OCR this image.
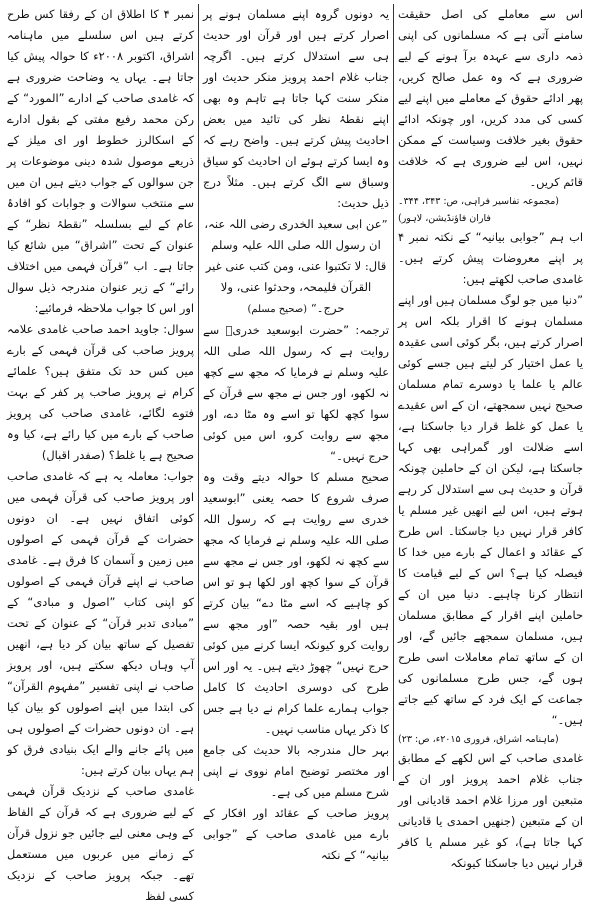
اس سے معاملے کی اصل حقیقت سامنے آتی ہے کہ مسلمانوں کی اپنی ذمہ داری سے عہدہ برآ ہونے کے لیے ضروری ہے کہ وہ عمل صالح کریں، پھر ادائے حقوق کے معاملے میں اپنے لیے کسی کی مدد کریں، اور چونکہ ادائے حقوق بغیر خلافت وسیاست کے ممکن نہیں، اس لیے ضروری ہے کہ خلافت قائم کریں۔

(مجموعہ تفاسیر فراہی، ص: ۳۴۳، ۳۴۴۔ فاران فاؤنڈیشن، لاہور)

اب ہم ”جوابی بیانیہ“ کے نکتہ نمبر ۴ پر اپنے معروضات پیش کرتے ہیں۔ غامدی صاحب لکھتے ہیں:

”دنیا میں جو لوگ مسلمان ہیں اور اپنے مسلمان ہونے کا اقرار بلکہ اس پر اصرار کرتے ہیں، بگر کوئی اسی عقیدہ یا عمل اختیار کر لیتے ہیں جسے کوئی عالم یا علما یا دوسرے تمام مسلمان صحیح نہیں سمجھتے، ان کے اس عقیدے یا عمل کو غلط قرار دیا جاسکتا ہے، اسے ضلالت اور گمراہی بھی کہا جاسکتا ہے، لیکن ان کے حاملین چونکہ قرآن و حدیث ہی سے استدلال کر رہے ہوتے ہیں، اس لیے انھیں غیر مسلم یا کافر قرار نہیں دیا جاسکتا۔ اس طرح کے عقائد و اعمال کے بارے میں خدا کا فیصلہ کیا ہے؟ اس کے لیے قیامت کا انتظار کرنا چاہیے۔ دنیا میں ان کے حاملین اپنے اقرار کے مطابق مسلمان ہیں، مسلمان سمجھے جائیں گے، اور ان کے ساتھ تمام معاملات اسی طرح ہوں گے، جس طرح مسلمانوں کی جماعت کے ایک فرد کے ساتھ کیے جاتے ہیں۔“

(ماہنامہ اشراق، فروری ۲۰۱۵ء، ص: ۲۳)

غامدی صاحب کے اس لکھے کے مطابق جناب غلام احمد پرویز اور ان کے متبعین اور مرزا غلام احمد قادیانی اور ان کے متبعین (جنھیں احمدی یا قادیانی کہا جاتا ہے)، کو غیر مسلم یا کافر قرار نہیں دیا جاسکتا کیونکہ

یہ دونوں گروہ اپنے مسلمان ہونے پر اصرار کرتے ہیں اور قرآن اور حدیث ہی سے استدلال کرتے ہیں۔ اگرچہ جناب غلام احمد پرویز منکر حدیث اور منکر سنت کہا جاتا ہے تاہم وہ بھی اپنے نقطۂ نظر کی تائید میں بعض احادیث پیش کرتے ہیں۔ واضح رہے کہ وہ ایسا کرتے ہوئے ان احادیث کو سیاق وسباق سے الگ کرتے ہیں۔ مثلاً درج ذیل حدیث:

”عن ابی سعید الخدری رضی اللہ عنہ، ان رسول اللہ صلی اللہ علیہ وسلم قال: لا تکتبوا عنی، ومن کتب عنی غیر القرآن فلیمحہ، وحدثوا عنی، ولا حرج۔“ (صحیح مسلم)

ترجمہ: ”حضرت ابوسعید خدریؓ سے روایت ہے کہ رسول اللہ صلی اللہ علیہ وسلم نے فرمایا کہ مجھ سے کچھ نہ لکھو، اور جس نے مجھ سے قرآن کے سوا کچھ لکھا تو اسے وہ مٹا دے، اور مجھ سے روایت کرو، اس میں کوئی حرج نہیں۔“

صحیح مسلم کا حوالہ دیتے وقت وہ صرف شروع کا حصہ یعنی ”ابوسعید خدری سے روایت ہے کہ رسول اللہ صلی اللہ علیہ وسلم نے فرمایا کہ مجھ سے کچھ نہ لکھو، اور جس نے مجھ سے قرآن کے سوا کچھ اور لکھا ہو تو اس کو چاہیے کہ اسے مٹا دے“ بیان کرتے ہیں اور بقیہ حصہ ”اور مجھ سے روایت کرو کیونکہ ایسا کرنے میں کوئی حرج نہیں“ چھوڑ دیتے ہیں۔ یہ اور اس طرح کی دوسری احادیث کا کامل جواب ہمارے علما کرام نے دیا ہے جس کا ذکر یہاں مناسب نہیں۔

بہر حال مندرجہ بالا حدیث کی جامع اور مختصر توضیح امام نووی نے اپنی شرح مسلم میں کی ہے۔

پرویز صاحب کے عقائد اور افکار کے بارے میں غامدی صاحب کے ”جوابی بیانیہ“ کے نکتہ

نمبر ۴ کا اطلاق ان کے رفقا کس طرح کرتے ہیں اس سلسلے میں ماہنامہ اشراق، اکتوبر ۲۰۰۸ء کا حوالہ پیش کیا جاتا ہے۔ یہاں یہ وضاحت ضروری ہے کہ غامدی صاحب کے ادارے ”المورد“ کے رکن محمد رفیع مفتی کے بقول ادارے کے اسکالرز خطوط اور ای میلز کے ذریعے موصول شدہ دینی موضوعات پر جن سوالوں کے جواب دیتے ہیں ان میں سے منتخب سوالات و جوابات کو افادۂ عام کے لیے بسلسلہ ”نقطۂ نظر“ کے عنوان کے تحت ”اشراق“ میں شائع کیا جاتا ہے۔ اب ”قرآن فہمی میں اختلاف رائے“ کے زیر عنوان مندرجہ ذیل سوال اور اس کا جواب ملاحظہ فرمائیے:

سوال: جاوید احمد صاحب غامدی علامہ پرویز صاحب کی قرآن فہمی کے بارے میں کس حد تک متفق ہیں؟ علمائے کرام نے پرویز صاحب پر کفر کے بہت فتوے لگائے، غامدی صاحب کی پرویز صاحب کے بارے میں کیا رائے ہے، کیا وہ صحیح ہے یا غلط؟ (صفدر اقبال)

جواب: معاملہ یہ ہے کہ غامدی صاحب اور پرویز صاحب کی قرآن فہمی میں کوئی اتفاق نہیں ہے۔ ان دونوں حضرات کے قرآن فہمی کے اصولوں میں زمین و آسمان کا فرق ہے۔ غامدی صاحب نے اپنے قرآن فہمی کے اصولوں کو اپنی کتاب ”اصول و مبادی“ کے ”مبادی تدبر قرآن“ کے عنوان کے تحت تفصیل کے ساتھ بیان کر دیا ہے، انھیں آپ وہاں دیکھ سکتے ہیں، اور پرویز صاحب نے اپنی تفسیر ”مفہوم القرآن“ کی ابتدا میں اپنے اصولوں کو بیان کیا ہے۔ ان دونوں حضرات کے اصولوں ہی میں پائے جانے والے ایک بنیادی فرق کو ہم یہاں بیان کرتے ہیں:

غامدی صاحب کے نزدیک قرآن فہمی کے لیے ضروری ہے کہ قرآن کے الفاظ کے وہی معنی لیے جائیں جو نزول قرآن کے زمانے میں عربوں میں مستعمل تھے۔ جبکہ پرویز صاحب کے نزدیک کسی لفظ
